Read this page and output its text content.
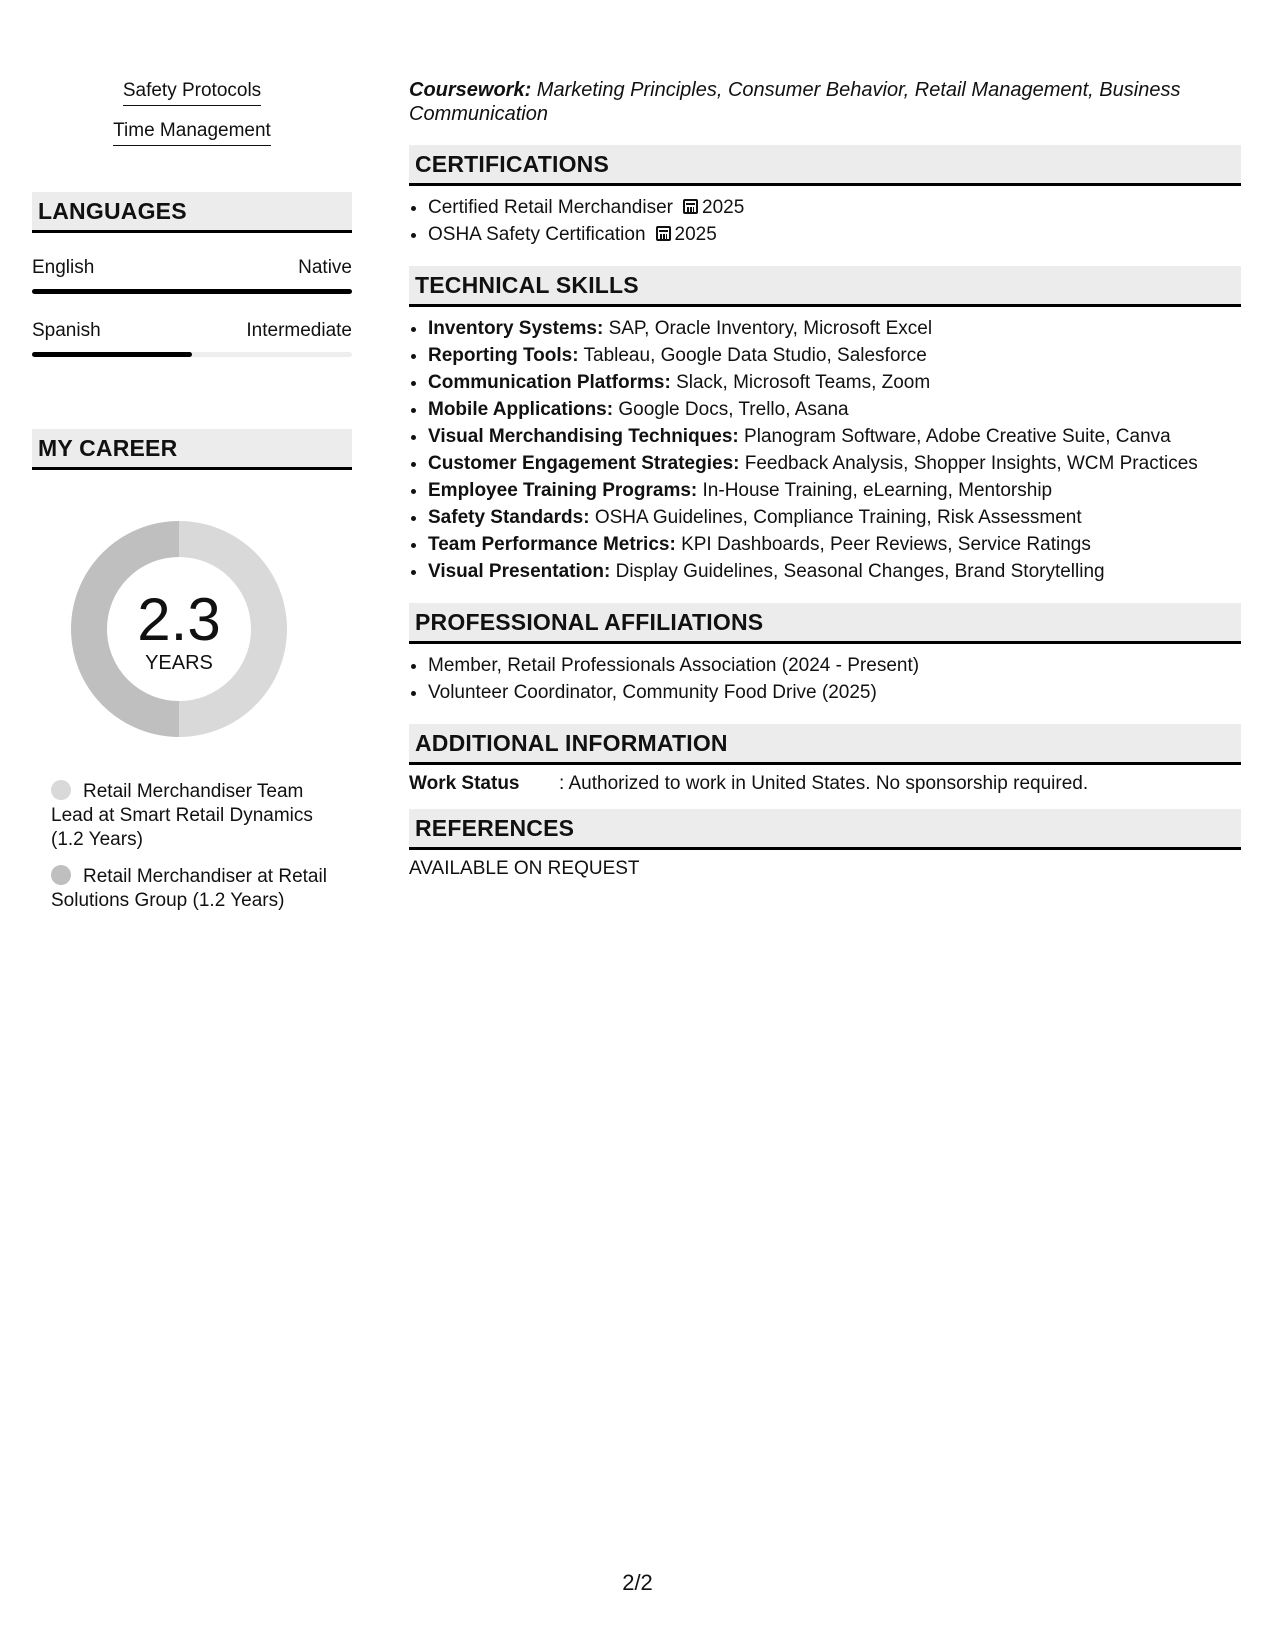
Safety Protocols
Time Management
LANGUAGES
English	Native
Spanish	Intermediate
MY CAREER
2.3
YEARS
Retail Merchandiser Team Lead at Smart Retail Dynamics (1.2 Years)
Retail Merchandiser at Retail Solutions Group (1.2 Years)
Coursework: Marketing Principles, Consumer Behavior, Retail Management, Business Communication
CERTIFICATIONS
• Certified Retail Merchandiser 2025
• OSHA Safety Certification 2025
TECHNICAL SKILLS
• Inventory Systems: SAP, Oracle Inventory, Microsoft Excel
• Reporting Tools: Tableau, Google Data Studio, Salesforce
• Communication Platforms: Slack, Microsoft Teams, Zoom
• Mobile Applications: Google Docs, Trello, Asana
• Visual Merchandising Techniques: Planogram Software, Adobe Creative Suite, Canva
• Customer Engagement Strategies: Feedback Analysis, Shopper Insights, WCM Practices
• Employee Training Programs: In-House Training, eLearning, Mentorship
• Safety Standards: OSHA Guidelines, Compliance Training, Risk Assessment
• Team Performance Metrics: KPI Dashboards, Peer Reviews, Service Ratings
• Visual Presentation: Display Guidelines, Seasonal Changes, Brand Storytelling
PROFESSIONAL AFFILIATIONS
• Member, Retail Professionals Association (2024 - Present)
• Volunteer Coordinator, Community Food Drive (2025)
ADDITIONAL INFORMATION
Work Status	: Authorized to work in United States. No sponsorship required.
REFERENCES
AVAILABLE ON REQUEST
2/2
